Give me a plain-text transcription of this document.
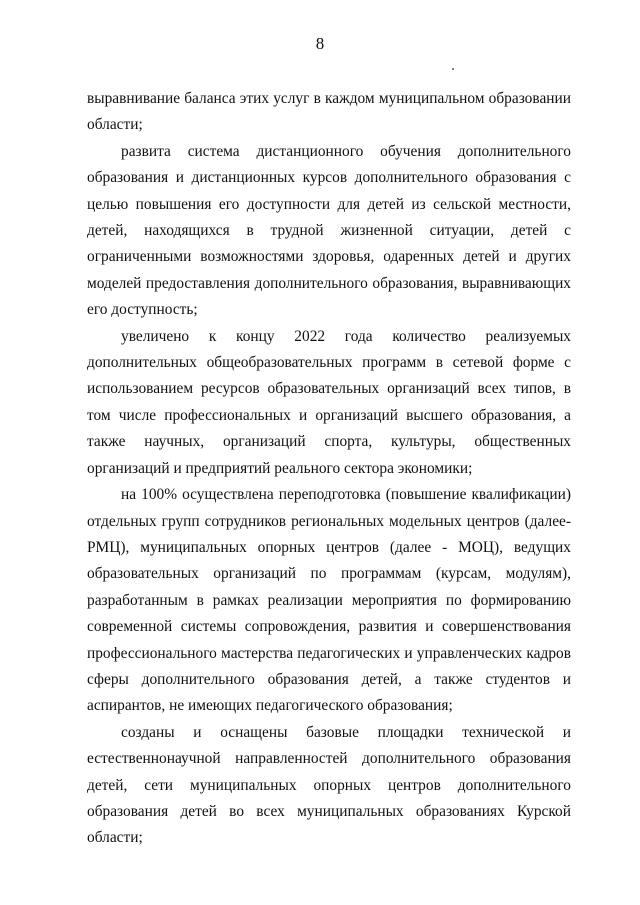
8

выравнивание баланса этих услуг в каждом муниципальном образовании области;

развита система дистанционного обучения дополнительного образования и дистанционных курсов дополнительного образования с целью повышения его доступности для детей из сельской местности, детей, находящихся в трудной жизненной ситуации, детей с ограниченными возможностями здоровья, одаренных детей и других моделей предоставления дополнительного образования, выравнивающих его доступность;

увеличено к концу 2022 года количество реализуемых дополнительных общеобразовательных программ в сетевой форме с использованием ресурсов образовательных организаций всех типов, в том числе профессиональных и организаций высшего образования, а также научных, организаций спорта, культуры, общественных организаций и предприятий реального сектора экономики;

на 100% осуществлена переподготовка (повышение квалификации) отдельных групп сотрудников региональных модельных центров (далее- РМЦ), муниципальных опорных центров (далее - МОЦ), ведущих образовательных организаций по программам (курсам, модулям), разработанным в рамках реализации мероприятия по формированию современной системы сопровождения, развития и совершенствования профессионального мастерства педагогических и управленческих кадров сферы дополнительного образования детей, а также студентов и аспирантов, не имеющих педагогического образования;

созданы и оснащены базовые площадки технической и естественнонаучной направленностей дополнительного образования детей, сети муниципальных опорных центров дополнительного образования детей во всех муниципальных образованиях Курской области;
